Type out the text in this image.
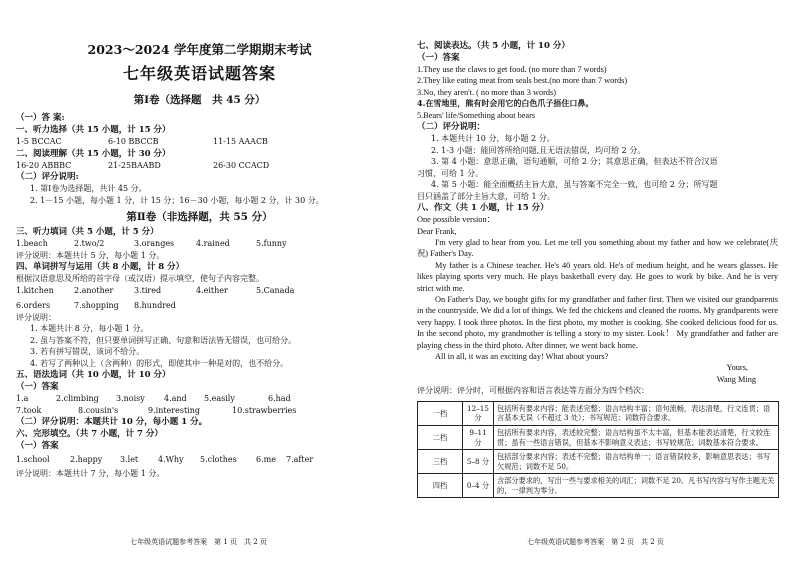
2023～2024 学年度第二学期期末考试
七年级英语试题答案
第Ⅰ卷（选择题　共 45 分）
（一）答 案:
一、听力选择（共 15 小题，计 15 分）
1-5 BCCAC	6-10 BBCCB	11-15 AAACB
二、阅读理解（共 15 小题，计 30 分）
16-20 ABBBC	21-25BAABD	26-30 CCACD
（二）评分说明:
1. 第Ⅰ卷为选择题，共计 45 分。
2. 1－15 小题，每小题 1 分，计 15 分；16－30 小题，每小题 2 分，计 30 分。
第Ⅱ卷（非选择题，共 55 分）
三、听力填词（共 5 小题，计 5 分）
1.beach	2.two/2	3.oranges	4.rained	5.funny
评分说明：本题共计 5 分，每小题 1 分。
四、单词拼写与运用（共 8 小题，计 8 分）
根据汉语意思及所给的首字母（或汉语）提示填空，使句子内容完整。
1.kitchen	2.another	3.tired	4.either	5.Canada
6.orders	7.shopping	8.hundred
评分说明：
1. 本题共计 8 分，每小题 1 分。
2. 虽与答案不符，但只要单词拼写正确、句意和语法皆无错误，也可给分。
3. 若有拼写错误，该词不给分。
4. 若写了两种以上（含两种）的形式，即使其中一种是对的，也不给分。
五、语法选词（共 10 小题，计 10 分）
（一）答案
1.a	2.climbing	3.noisy	4.and	5.easily	6.had
7.took	8.cousin's	9.interesting	10.strawberries
（二）评分说明：本题共计 10 分，每小题 1 分。
六、完形填空。（共 7 小题，计 7 分）
（一）答案
1.school	2.happy	3.let	4.Why	5.clothes	6.me	7.after
评分说明：本题共计 7 分，每小题 1 分。
七年级英语试题参考答案　第 1 页　共 2 页
七、阅读表达。（共 5 小题，计 10 分）
（一）答案
1.They use the claws to get food. (no more than 7 words)
2.They like eating meat from seals best.(no more than 7 words)
3.No, they aren't. ( no more than 3 words)
4.在雪地里，熊有时会用它的白色爪子捂住口鼻。
5.Bears' life/Something about bears
（二）评分说明：
1. 本题共计 10 分，每小题 2 分。
2. 1-3 小题：能回答所给问题,且无语法错误，均可给 2 分。
3. 第 4 小题：意思正确，语句通顺，可给 2 分；其意思正确，但表达不符合汉语
习惯，可给 1 分。
4. 第 5 小题：能全面概括主旨大意，虽与答案不完全一致，也可给 2 分；所写题
目只涵盖了部分主旨大意，可给 1 分。
八、作文（共 1 小题，计 15 分）
One possible version：
Dear Frank,
I'm very glad to hear from you. Let me tell you something about my father and how we celebrate(庆祝) Father's Day.
My father is a Chinese teacher. He's 40 years old. He's of medium height, and he wears glasses. He likes playing sports very much. He plays basketball every day. He goes to work by bike. And he is very strict with me.
On Father's Day, we bought gifts for my grandfather and father first. Then we visited our grandparents in the countryside. We did a lot of things. We fed the chickens and cleaned the rooms. My grandparents were very happy. I took three photos. In the first photo, my mother is cooking. She cooked delicious food for us. In the second photo, my grandmother is telling a story to my sister. Look！ My grandfather and father are playing chess in the third photo. After dinner, we went back home.
All in all, it was an exciting day! What about yours?
Yours,
Wang Ming
评分说明：评分时，可根据内容和语言表达等方面分为四个档次：
一档	12–15 分	包括所有要求内容；能表述完整；语言结构丰富；语句流畅，表达清楚，行文连贯；语言基本无误（不超过 3 处）；书写规范；词数符合要求。
二档	9–11 分	包括所有要求内容，表述较完整；语言结构虽不太丰富，但基本能表达清楚，行文较连贯；虽有一些语言错误，但基本不影响意义表达；书写较规范；词数基本符合要求。
三档	5–8 分	包括部分要求内容；表述不完整；语言结构单一；语言错误较多，影响意思表达；书写欠规范；词数不足 50。
四档	0–4 分	含部分要求的，写出一些与要求相关的词汇；词数不足 20。凡书写内容与写作主题无关的，一律判为零分。
七年级英语试题参考答案　第 2 页　共 2 页
